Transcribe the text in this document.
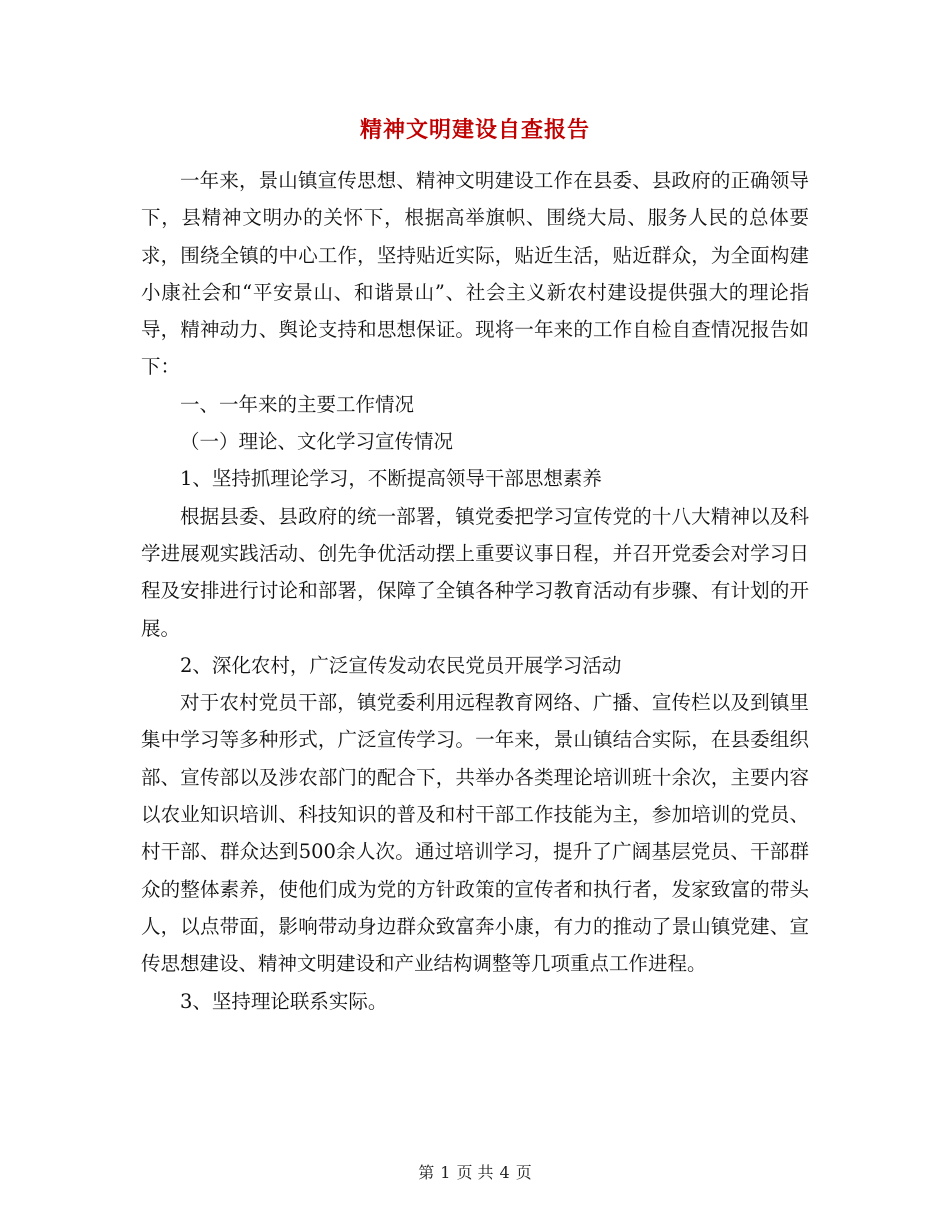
精神文明建设自查报告

一年来，景山镇宣传思想、精神文明建设工作在县委、县政府的正确领导下，县精神文明办的关怀下，根据高举旗帜、围绕大局、服务人民的总体要求，围绕全镇的中心工作，坚持贴近实际，贴近生活，贴近群众，为全面构建小康社会和“平安景山、和谐景山”、社会主义新农村建设提供强大的理论指导，精神动力、舆论支持和思想保证。现将一年来的工作自检自查情况报告如下：

一、一年来的主要工作情况

（一）理论、文化学习宣传情况

1、坚持抓理论学习，不断提高领导干部思想素养

根据县委、县政府的统一部署，镇党委把学习宣传党的十八大精神以及科学进展观实践活动、创先争优活动摆上重要议事日程，并召开党委会对学习日程及安排进行讨论和部署，保障了全镇各种学习教育活动有步骤、有计划的开展。

2、深化农村，广泛宣传发动农民党员开展学习活动

对于农村党员干部，镇党委利用远程教育网络、广播、宣传栏以及到镇里集中学习等多种形式，广泛宣传学习。一年来，景山镇结合实际，在县委组织部、宣传部以及涉农部门的配合下，共举办各类理论培训班十余次，主要内容以农业知识培训、科技知识的普及和村干部工作技能为主，参加培训的党员、村干部、群众达到500余人次。通过培训学习，提升了广阔基层党员、干部群众的整体素养，使他们成为党的方针政策的宣传者和执行者，发家致富的带头人，以点带面，影响带动身边群众致富奔小康，有力的推动了景山镇党建、宣传思想建设、精神文明建设和产业结构调整等几项重点工作进程。

3、坚持理论联系实际。

第 1 页 共 4 页
